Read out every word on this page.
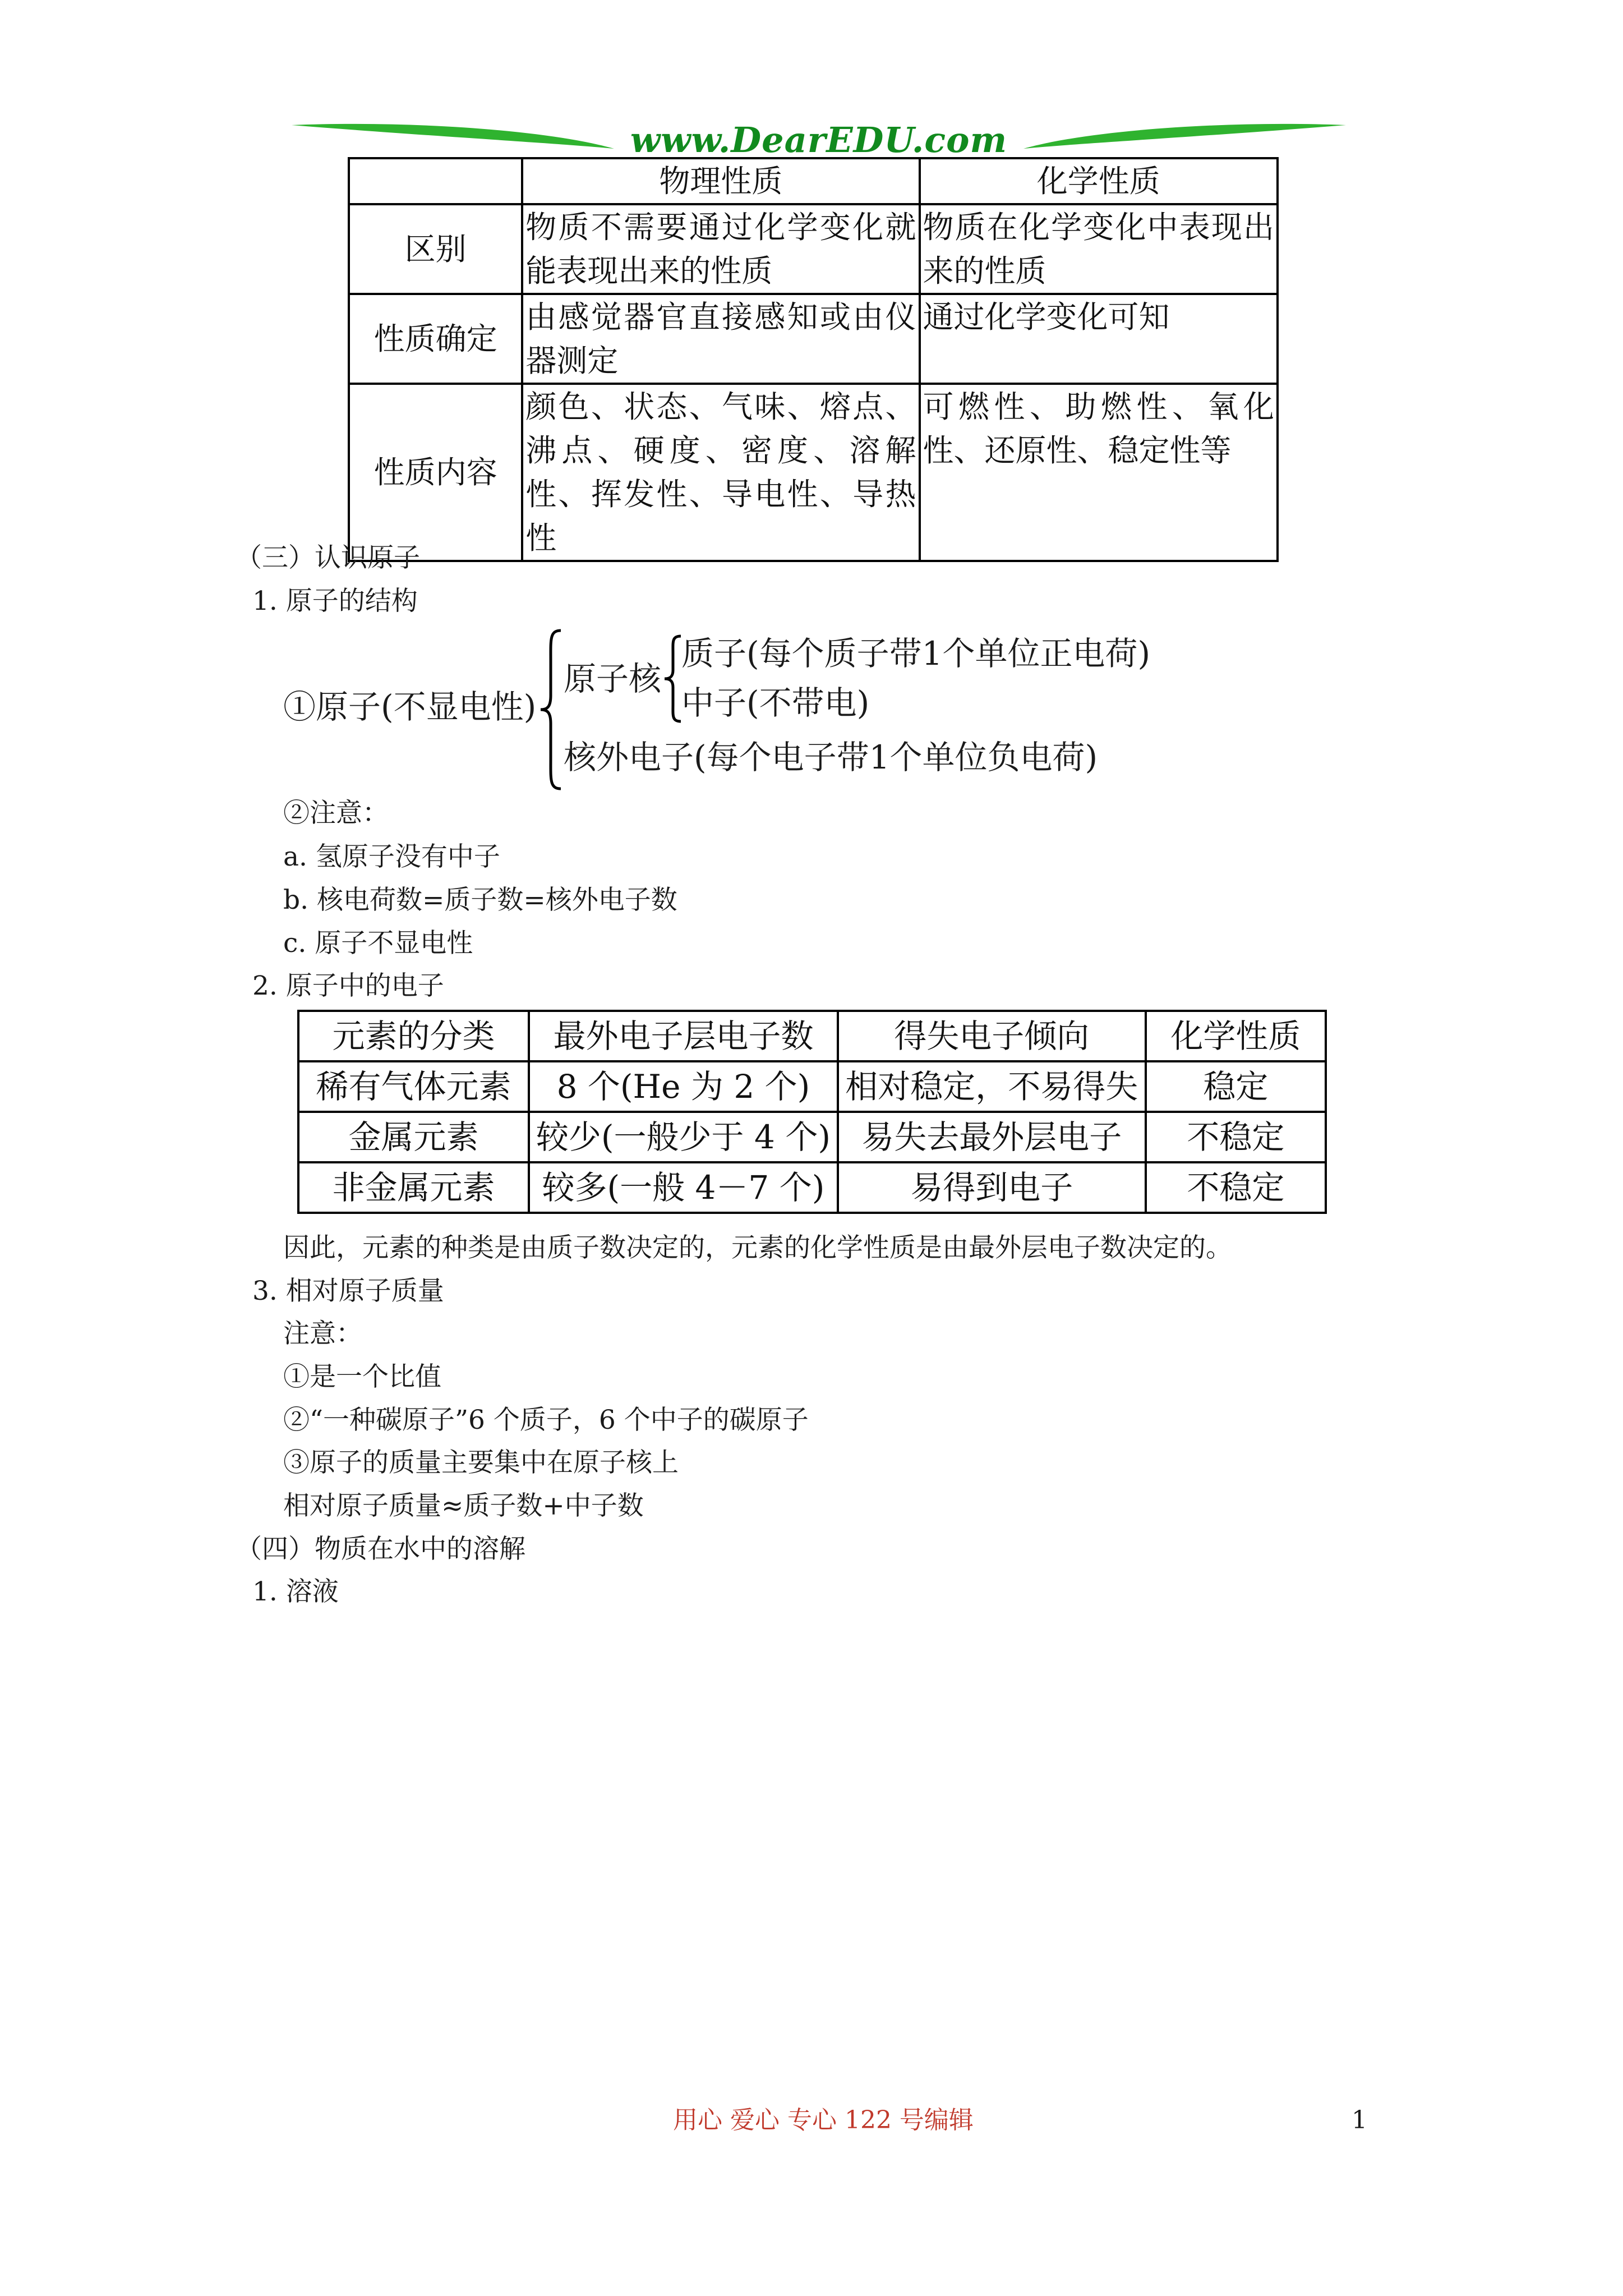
www.DearEDU.com
	物理性质	化学性质
区别	物质不需要通过化学变化就能表现出来的性质	物质在化学变化中表现出来的性质
性质确定	由感觉器官直接感知或由仪器测定	通过化学变化可知
性质内容	颜色、状态、气味、熔点、沸点、硬度、密度、溶解性、挥发性、导电性、导热性	可燃性、助燃性、氧化性、还原性、稳定性等
（三）认识原子
1. 原子的结构
①原子(不显电性)
原子核
质子(每个质子带1个单位正电荷)
中子(不带电)
核外电子(每个电子带1个单位负电荷)
②注意：
a. 氢原子没有中子
b. 核电荷数=质子数=核外电子数
c. 原子不显电性
2. 原子中的电子
元素的分类	最外电子层电子数	得失电子倾向	化学性质
稀有气体元素	8 个(He 为 2 个)	相对稳定，不易得失	稳定
金属元素	较少(一般少于 4 个)	易失去最外层电子	不稳定
非金属元素	较多(一般 4－7 个)	易得到电子	不稳定
因此，元素的种类是由质子数决定的，元素的化学性质是由最外层电子数决定的。
3. 相对原子质量
注意：
①是一个比值
②“一种碳原子”6 个质子，6 个中子的碳原子
③原子的质量主要集中在原子核上
相对原子质量≈质子数+中子数
（四）物质在水中的溶解
1. 溶液
用心 爱心 专心 122 号编辑	1
